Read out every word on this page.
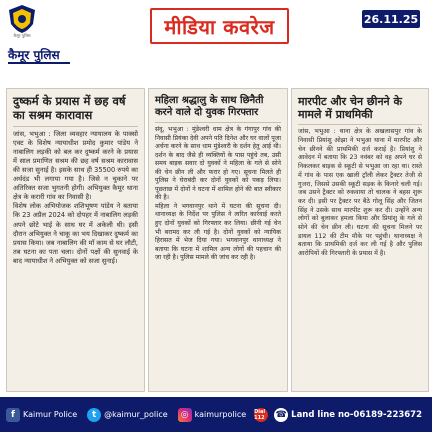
कैमूर पुलिस	मीडिया कवरेज	26.11.25
कैमूर पुलिस
दुष्कर्म के प्रयास में छह वर्ष का सश्रम कारावास
जांस, भभुआ : जिला व्यवहार न्यायालय के पाक्सो एक्ट के विशेष न्यायाधीश प्रमोद कुमार पांडेय ने नाबालिग लड़की को बल कर दुष्कर्म करने के प्रयास में साल प्रमाणित सश्रम की छह वर्ष सश्रम कारावास की सजा सुनाई है। इसके साथ ही 35500 रुपये का अर्थदंड भी लगाया गया है। जिसे न चुकाने पर अतिरिक्त सजा भुगतनी होगी। अभियुक्त कैमूर थाना क्षेत्र के करारी गांव का निवासी है।
विशेष लोक अभियोजक शशिभूषण पांडेय ने बताया कि 23 अप्रैल 2024 को दोपहर में नाबालिग लड़की अपने छोटे भाई के साथ घर में अकेली थी। इसी दौरान अभियुक्त ने चाकू का भय दिखाकर दुष्कर्म का प्रयास किया। जब नाबालिग की माँ काम से घर लौटी, तब घटना का पता चला। दोनों पक्षों की सुनवाई के बाद न्यायाधीश ने अभियुक्त को सजा सुनाई।
महिला श्रद्धालु के साथ छिनैती करने वाले दो युवक गिरफ्तार
संवू, भभुआ : मुंडेश्वरी धाम क्षेत्र के गंगापुर गांव की निवासी प्रियंका देवी अपने पति दिनेश और घर वालों पूजा अर्चना करने के साथ धाम मुंडेश्वरी के दर्शन हेतु आई थी। दर्शन के बाद जैसे ही व्यक्तियों के पास पहुंचे तब, उसी समय बाइक सवार दो युवकों ने महिला के गले से सोने की चेन छीन ली और फरार हो गए। सूचना मिलते ही पुलिस ने घेराबंदी कर दोनों युवकों को पकड़ लिया। पूछताछ में दोनों ने घटना में शामिल होने की बात स्वीकार की है।
महिला ने भगवानपुर थाने में घटना की सूचना दी। थानाध्यक्ष के निर्देश पर पुलिस ने त्वरित कार्रवाई करते हुए दोनों युवकों को गिरफ्तार कर लिया। छीनी गई चेन भी बरामद कर ली गई है। दोनों युवकों को न्यायिक हिरासत में भेज दिया गया। भगवानपुर थानाध्यक्ष ने बताया कि घटना में शामिल अन्य लोगों की पहचान की जा रही है। पुलिस मामले की जांच कर रही है।
मारपीट और चेन छीनने के मामले में प्राथमिकी
जांस, भभुआ : थाना क्षेत्र के अखलासपुर गांव के निवासी प्रियांशु ओझा ने भभुआ थाना में मारपीट और चेन छीनने की प्राथमिकी दर्ज कराई है। प्रियांशु ने आवेदन में बताया कि 23 नवंबर को वह अपने घर से निकलकर बाइक से स्कूटी से भभुआ जा रहा था। रास्ते में गांव के पास एक खाली ट्रॉली लेकर ट्रैक्टर तेजी से गुजरा, जिससे उसकी स्कूटी सड़क के किनारे चली गई। जब उसने ट्रैक्टर को रुकवाया तो चालक ने बहस शुरू कर दी। इसी पर ट्रैक्टर पर बैठे गोलू सिंह और जितन सिंह ने उसके साथ मारपीट शुरू कर दी। उन्होंने अन्य लोगों को बुलाकर हमला किया और प्रियांशु के गले से सोने की चेन छीन ली। घटना की सूचना मिलने पर डायल 112 की टीम मौके पर पहुंची। थानाध्यक्ष ने बताया कि प्राथमिकी दर्ज कर ली गई है और पुलिस आरोपियों की गिरफ्तारी के प्रयास में है।
f	Kaimur Police	t @kaimur_police	◎ kaimurpolice Dial 112	☎ Land line no-06189-223672
